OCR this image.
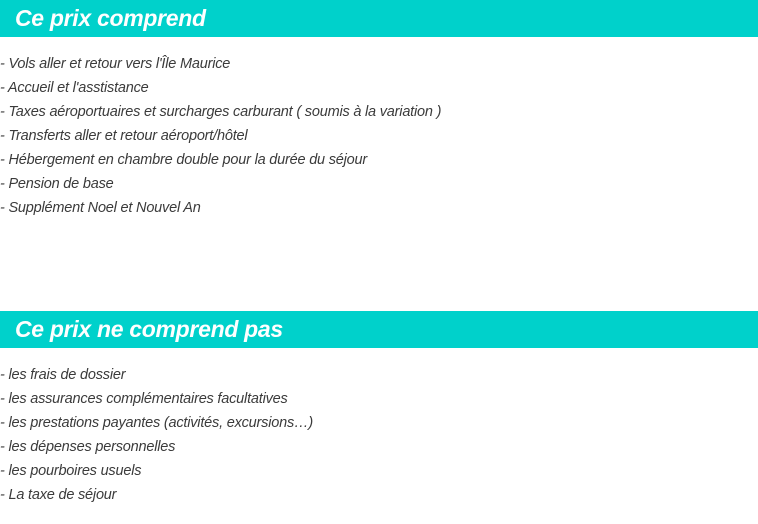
Ce prix comprend
- Vols aller et retour vers l'Île Maurice
- Accueil et l'asstistance
- Taxes aéroportuaires et surcharges carburant ( soumis à la variation )
- Transferts aller et retour aéroport/hôtel
- Hébergement en chambre double pour la durée du séjour
- Pension de base
- Supplément Noel et Nouvel An
Ce prix ne comprend pas
- les frais de dossier
- les assurances complémentaires facultatives
- les prestations payantes (activités, excursions…)
- les dépenses personnelles
- les pourboires usuels
- La taxe de séjour
